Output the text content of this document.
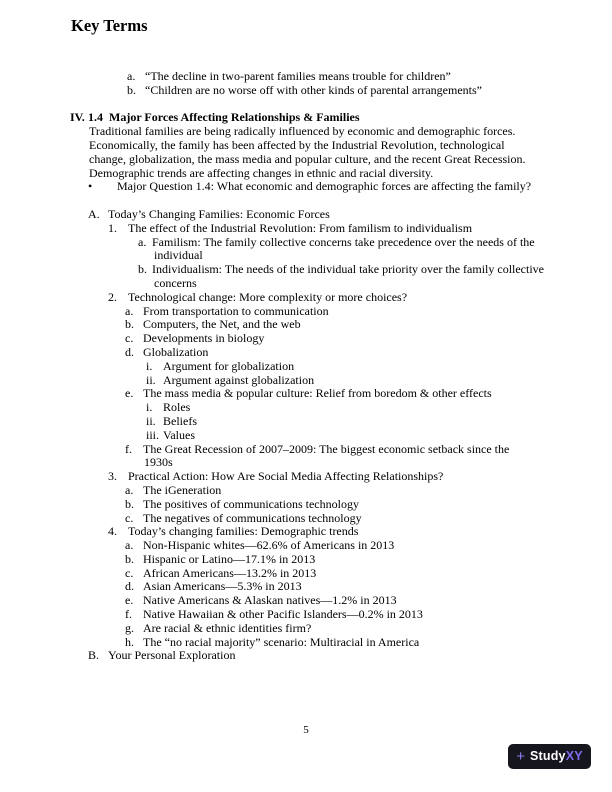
a. “The decline in two-parent families means trouble for children”
b. “Children are no worse off with other kinds of parental arrangements”
IV. 1.4  Major Forces Affecting Relationships & Families
Traditional families are being radically influenced by economic and demographic forces.
Economically, the family has been affected by the Industrial Revolution, technological
change, globalization, the mass media and popular culture, and the recent Great Recession.
Demographic trends are affecting changes in ethnic and racial diversity.
• Major Question 1.4: What economic and demographic forces are affecting the family?
A. Today’s Changing Families: Economic Forces
1. The effect of the Industrial Revolution: From familism to individualism
a. Familism: The family collective concerns take precedence over the needs of the
individual
b. Individualism: The needs of the individual take priority over the family collective
concerns
2. Technological change: More complexity or more choices?
a. From transportation to communication
b. Computers, the Net, and the web
c. Developments in biology
d. Globalization
i. Argument for globalization
ii. Argument against globalization
e. The mass media & popular culture: Relief from boredom & other effects
i. Roles
ii. Beliefs
iii. Values
f. The Great Recession of 2007–2009: The biggest economic setback since the
1930s
3. Practical Action: How Are Social Media Affecting Relationships?
a. The iGeneration
b. The positives of communications technology
c. The negatives of communications technology
4. Today’s changing families: Demographic trends
a. Non-Hispanic whites—62.6% of Americans in 2013
b. Hispanic or Latino—17.1% in 2013
c. African Americans—13.2% in 2013
d. Asian Americans—5.3% in 2013
e. Native Americans & Alaskan natives—1.2% in 2013
f. Native Hawaiian & other Pacific Islanders—0.2% in 2013
g. Are racial & ethnic identities firm?
h. The “no racial majority” scenario: Multiracial in America
B. Your Personal Exploration
Key Terms
5
+ StudyXY
